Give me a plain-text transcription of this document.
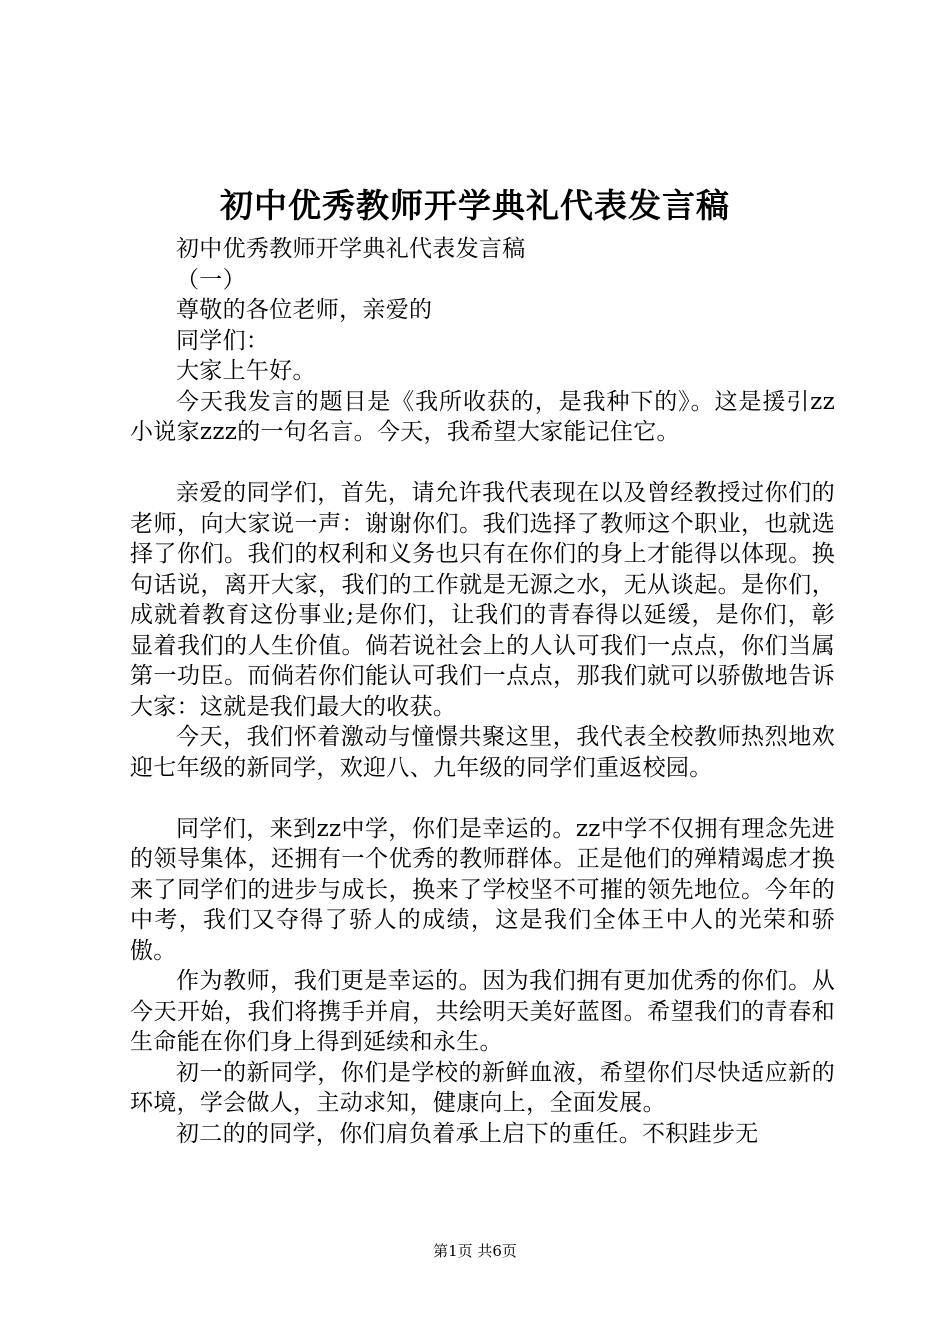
初中优秀教师开学典礼代表发言稿

初中优秀教师开学典礼代表发言稿

（一）

尊敬的各位老师，亲爱的

同学们：

大家上午好。

今天我发言的题目是《我所收获的，是我种下的》。这是援引zz小说家zzz的一句名言。今天，我希望大家能记住它。

亲爱的同学们，首先，请允许我代表现在以及曾经教授过你们的老师，向大家说一声：谢谢你们。我们选择了教师这个职业，也就选择了你们。我们的权利和义务也只有在你们的身上才能得以体现。换句话说，离开大家，我们的工作就是无源之水，无从谈起。是你们，成就着教育这份事业;是你们，让我们的青春得以延缓，是你们，彰显着我们的人生价值。倘若说社会上的人认可我们一点点，你们当属第一功臣。而倘若你们能认可我们一点点，那我们就可以骄傲地告诉大家：这就是我们最大的收获。

今天，我们怀着激动与憧憬共聚这里，我代表全校教师热烈地欢迎七年级的新同学，欢迎八、九年级的同学们重返校园。

同学们，来到zz中学，你们是幸运的。zz中学不仅拥有理念先进的领导集体，还拥有一个优秀的教师群体。正是他们的殚精竭虑才换来了同学们的进步与成长，换来了学校坚不可摧的领先地位。今年的中考，我们又夺得了骄人的成绩，这是我们全体王中人的光荣和骄傲。

作为教师，我们更是幸运的。因为我们拥有更加优秀的你们。从今天开始，我们将携手并肩，共绘明天美好蓝图。希望我们的青春和生命能在你们身上得到延续和永生。

初一的新同学，你们是学校的新鲜血液，希望你们尽快适应新的环境，学会做人，主动求知，健康向上，全面发展。

初二的的同学，你们肩负着承上启下的重任。不积跬步无

第1页 共6页
